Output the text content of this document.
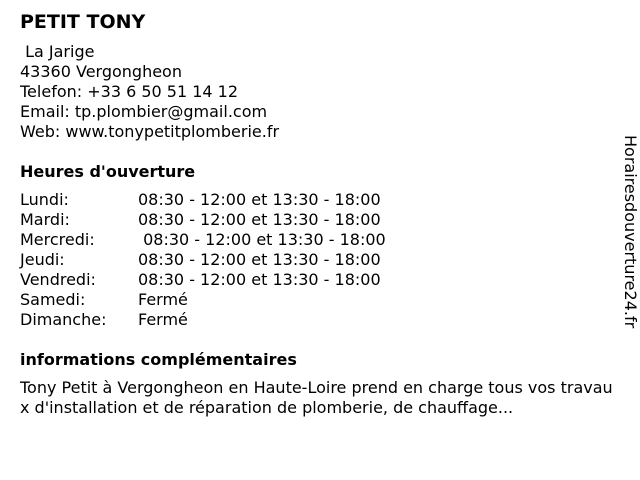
PETIT TONY
La Jarige
43360 Vergongheon
Telefon: +33 6 50 51 14 12
Email: tp.plombier@gmail.com
Web: www.tonypetitplomberie.fr
Heures d'ouverture
Lundi:	08:30 - 12:00 et 13:30 - 18:00
Mardi:	08:30 - 12:00 et 13:30 - 18:00
Mercredi:	08:30 - 12:00 et 13:30 - 18:00
Jeudi:	08:30 - 12:00 et 13:30 - 18:00
Vendredi:	08:30 - 12:00 et 13:30 - 18:00
Samedi:	Fermé
Dimanche:	Fermé
informations complémentaires
Tony Petit à Vergongheon en Haute-Loire prend en charge tous vos travaux d'installation et de réparation de plomberie, de chauffage...
Horairesdouverture24.fr
